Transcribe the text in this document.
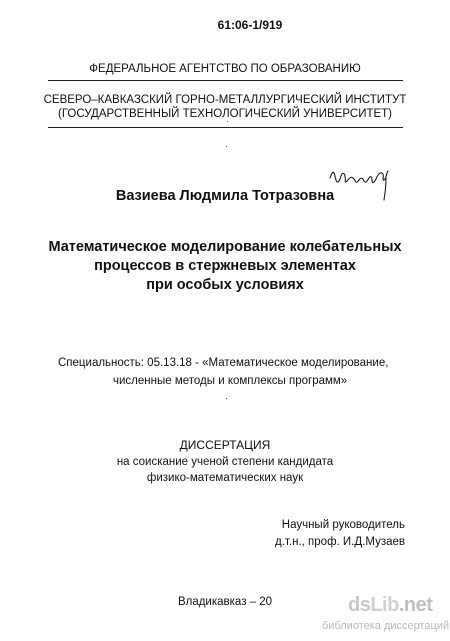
61:06-1/919
ФЕДЕРАЛЬНОЕ АГЕНТСТВО ПО ОБРАЗОВАНИЮ
СЕВЕРО–КАВКАЗСКИЙ ГОРНО-МЕТАЛЛУРГИЧЕСКИЙ ИНСТИТУТ
(ГОСУДАРСТВЕННЫЙ ТЕХНОЛОГИЧЕСКИЙ УНИВЕРСИТЕТ)
Вазиева Людмила Тотразовна
Математическое моделирование колебательных
процессов в стержневых элементах
при особых условиях
Специальность: 05.13.18 - «Математическое моделирование,
численные методы и комплексы программ»
ДИССЕРТАЦИЯ
на соискание ученой степени кандидата
физико-математических наук
Научный руководитель
д.т.н., проф. И.Д.Музаев
Владикавказ – 20	dsLib.net
библиотека диссертаций
